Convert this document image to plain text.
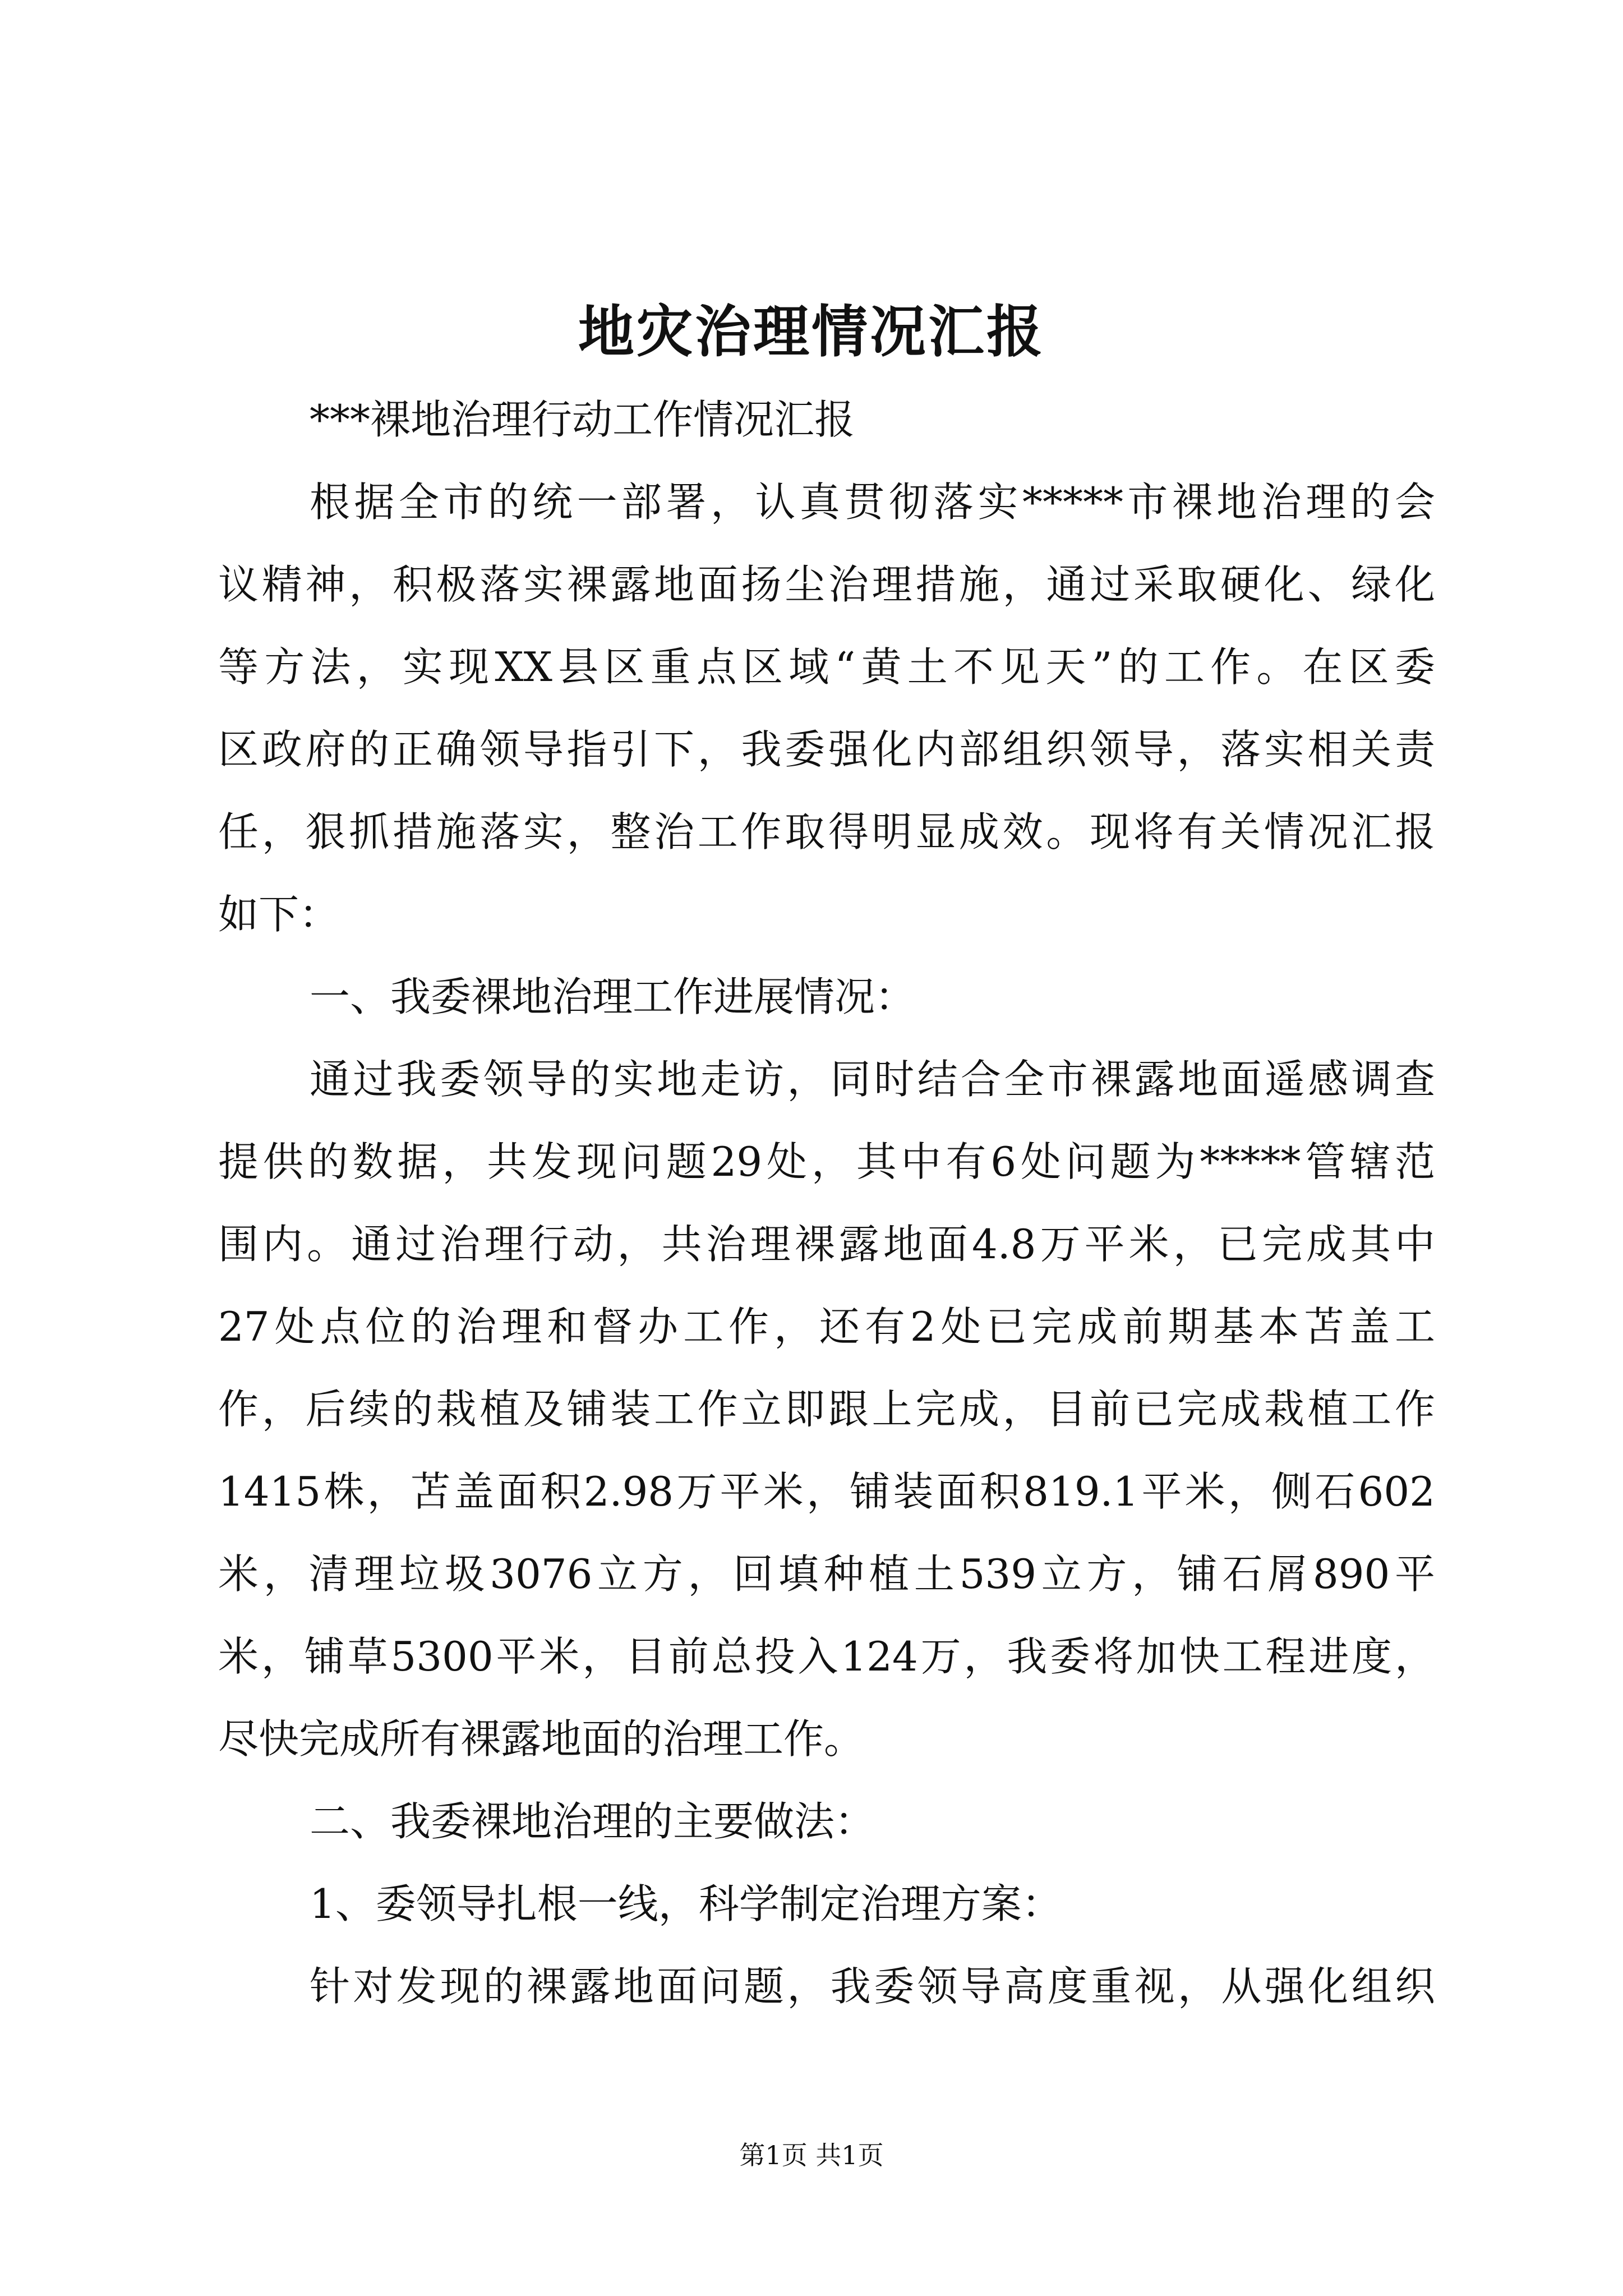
地灾治理情况汇报
***裸地治理行动工作情况汇报
根据全市的统一部署，认真贯彻落实*****市裸地治理的会
议精神，积极落实裸露地面扬尘治理措施，通过采取硬化、绿化
等方法，实现XX县区重点区域“黄土不见天”的工作。在区委
区政府的正确领导指引下，我委强化内部组织领导，落实相关责
任，狠抓措施落实，整治工作取得明显成效。现将有关情况汇报
如下：
一、我委裸地治理工作进展情况：
通过我委领导的实地走访，同时结合全市裸露地面遥感调查
提供的数据，共发现问题29处，其中有6处问题为*****管辖范
围内。通过治理行动，共治理裸露地面4.8万平米，已完成其中
27处点位的治理和督办工作，还有2处已完成前期基本苫盖工
作，后续的栽植及铺装工作立即跟上完成，目前已完成栽植工作
1415株，苫盖面积2.98万平米，铺装面积819.1平米，侧石602
米，清理垃圾3076立方，回填种植土539立方，铺石屑890平
米，铺草5300平米，目前总投入124万，我委将加快工程进度，
尽快完成所有裸露地面的治理工作。
二、我委裸地治理的主要做法：
1、委领导扎根一线，科学制定治理方案：
针对发现的裸露地面问题，我委领导高度重视，从强化组织
第1页 共1页
